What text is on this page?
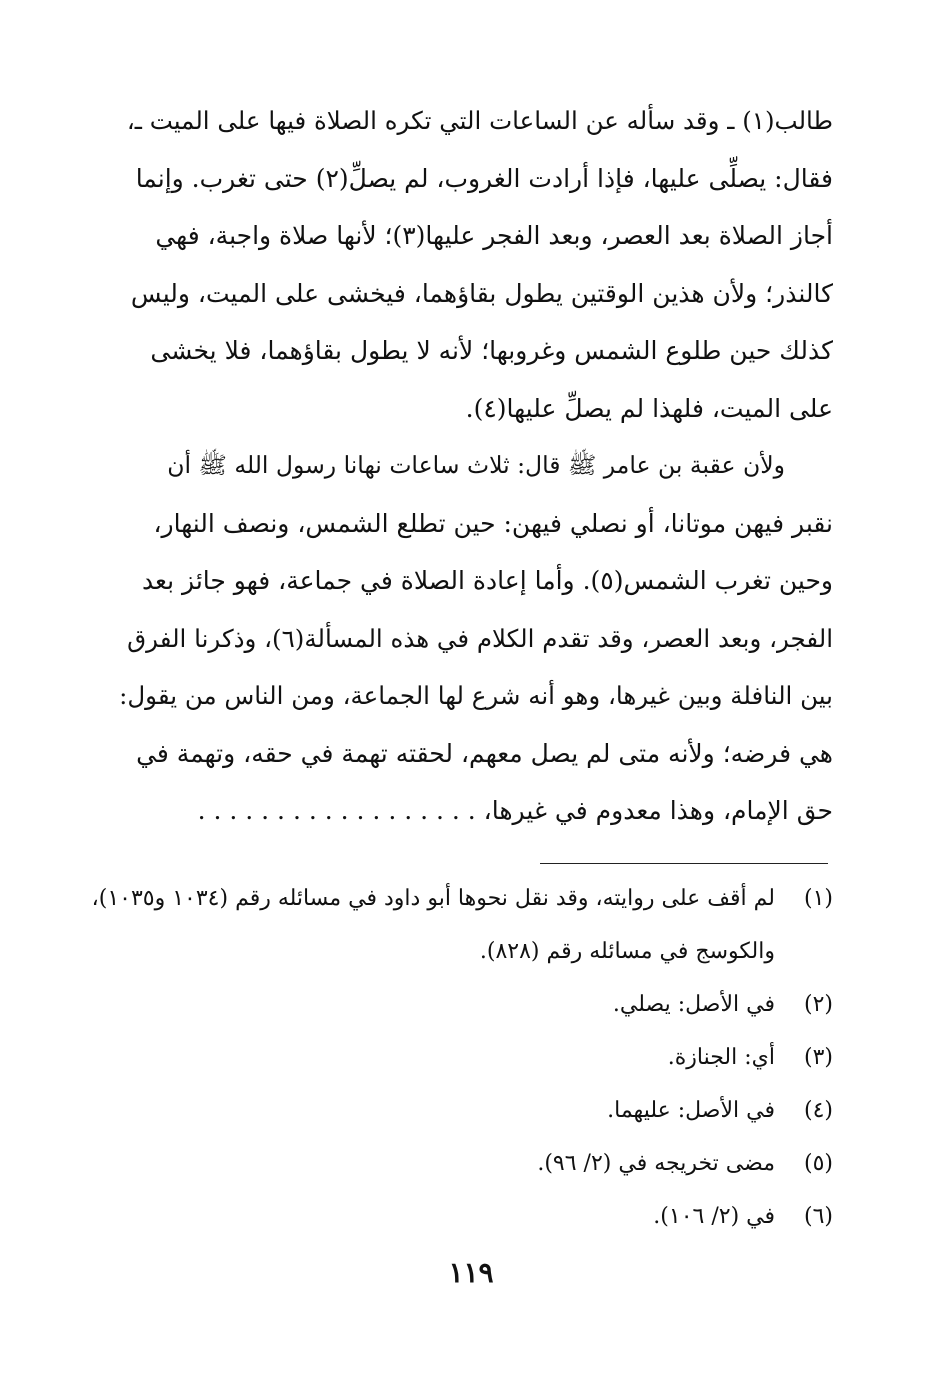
طالب(١) ـ وقد سأله عن الساعات التي تكره الصلاة فيها على الميت ـ،
فقال: يصلِّى عليها، فإذا أرادت الغروب، لم يصلِّ(٢) حتى تغرب. وإنما
أجاز الصلاة بعد العصر، وبعد الفجر عليها(٣)؛ لأنها صلاة واجبة، فهي
كالنذر؛ ولأن هذين الوقتين يطول بقاؤهما، فيخشى على الميت، وليس
كذلك حين طلوع الشمس وغروبها؛ لأنه لا يطول بقاؤهما، فلا يخشى
على الميت، فلهذا لم يصلِّ عليها(٤).
ولأن عقبة بن عامر ﷺ قال: ثلاث ساعات نهانا رسول الله ﷺ أن
نقبر فيهن موتانا، أو نصلي فيهن: حين تطلع الشمس، ونصف النهار،
وحين تغرب الشمس(٥). وأما إعادة الصلاة في جماعة، فهو جائز بعد
الفجر، وبعد العصر، وقد تقدم الكلام في هذه المسألة(٦)، وذكرنا الفرق
بين النافلة وبين غيرها، وهو أنه شرع لها الجماعة، ومن الناس من يقول:
هي فرضه؛ ولأنه متى لم يصل معهم، لحقته تهمة في حقه، وتهمة في
حق الإمام، وهذا معدوم في غيرها، . . . . . . . . . . . . . . . . . .
(١)
لم أقف على روايته، وقد نقل نحوها أبو داود في مسائله رقم (١٠٣٤ و١٠٣٥)،
والكوسج في مسائله رقم (٨٢٨).
(٢)
في الأصل: يصلي.
(٣)
أي: الجنازة.
(٤)
في الأصل: عليهما.
(٥)
مضى تخريجه في (٢/ ٩٦).
(٦)
في (٢/ ١٠٦).
١١٩
